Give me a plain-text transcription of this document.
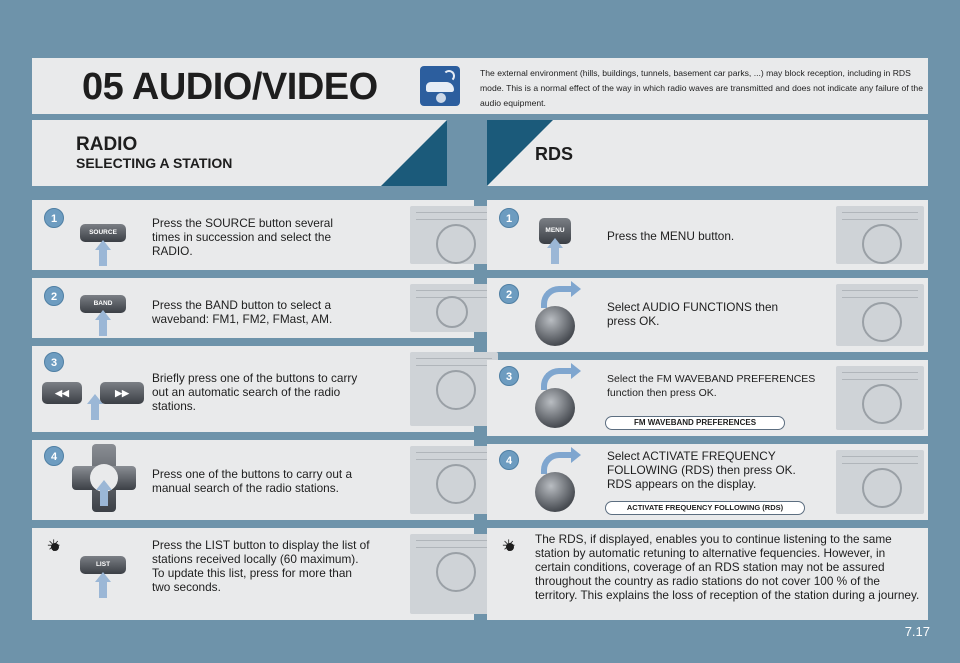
05 AUDIO/VIDEO	The external environment (hills, buildings, tunnels, basement car parks, ...) may block reception, including in RDS mode. This is a normal effect of the way in which radio waves are transmitted and does not indicate any failure of the audio equipment.
RADIO
SELECTING A STATION	RDS
1
SOURCE
Press the SOURCE button several times in succession and select the RADIO.
2
BAND	Press the BAND button to select a waveband: FM1, FM2, FMast, AM.
3
◀◀	▶▶
Briefly press one of the buttons to carry out an automatic search of the radio stations.
4
Press one of the buttons to carry out a manual search of the radio stations.
✳
LIST
Press the LIST button to display the list of stations received locally (60 maximum). To update this list, press for more than two seconds.
1
MENU	Press the MENU button.
2
Select AUDIO FUNCTIONS then press OK.
3	Select the FM WAVEBAND PREFERENCES function then press OK.
FM WAVEBAND PREFERENCES
4	Select ACTIVATE FREQUENCY FOLLOWING (RDS) then press OK. RDS appears on the display.
ACTIVATE FREQUENCY FOLLOWING (RDS)
✳
The RDS, if displayed, enables you to continue listening to the same station by automatic retuning to alternative fequencies. However, in certain conditions, coverage of an RDS station may not be assured throughout the country as radio stations do not cover 100 % of the territory. This explains the loss of reception of the station during a journey.
7.17
